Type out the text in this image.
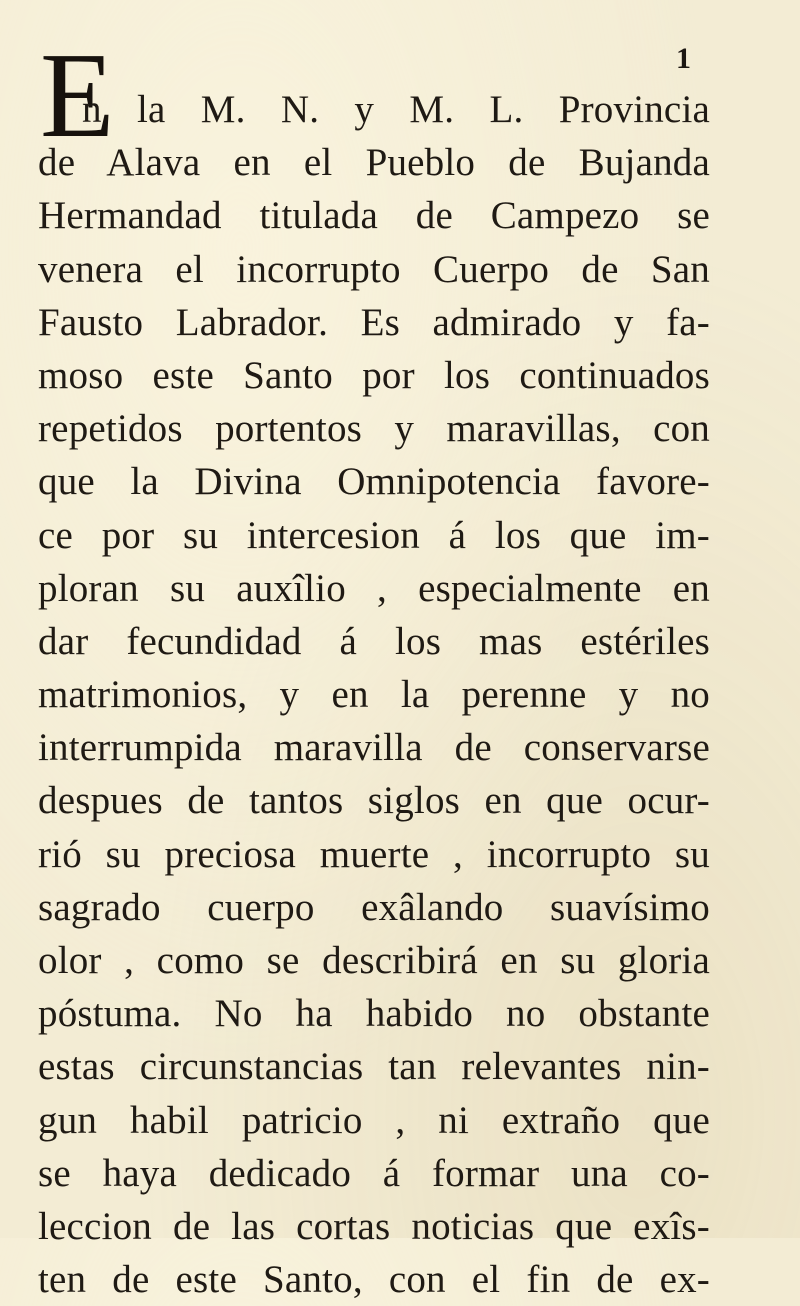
1
E
n la M. N. y M. L. Provincia
de Alava en el Pueblo de Bujanda
Hermandad titulada de Campezo se
venera el incorrupto Cuerpo de San
Fausto Labrador. Es admirado y fa-
moso este Santo por los continuados
repetidos portentos y maravillas, con
que la Divina Omnipotencia favore-
ce por su intercesion á los que im-
ploran su auxîlio , especialmente en
dar fecundidad á los mas estériles
matrimonios, y en la perenne y no
interrumpida maravilla de conservarse
despues de tantos siglos en que ocur-
rió su preciosa muerte , incorrupto su
sagrado cuerpo exâlando suavísimo
olor , como se describirá en su gloria
póstuma. No ha habido no obstante
estas circunstancias tan relevantes nin-
gun habil patricio , ni extraño que
se haya dedicado á formar una co-
leccion de las cortas noticias que exîs-
ten de este Santo, con el fin de ex-
